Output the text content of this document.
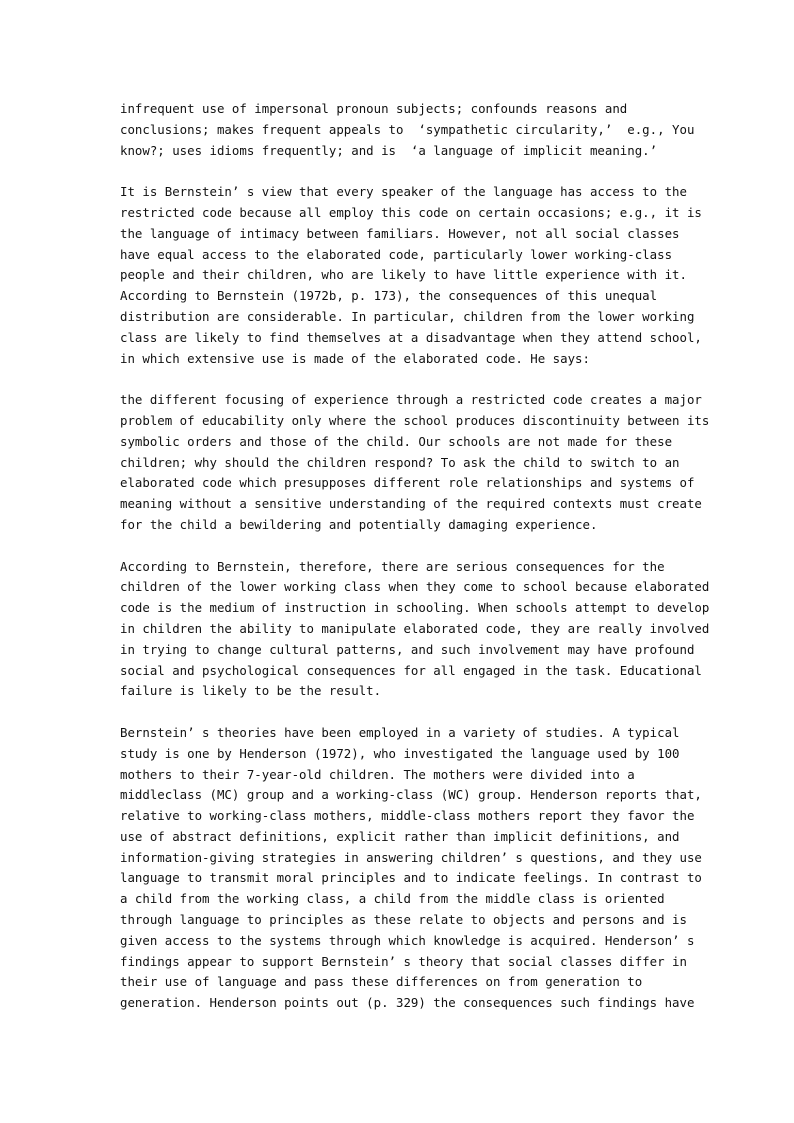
infrequent use of impersonal pronoun subjects; confounds reasons and
conclusions; makes frequent appeals to  ‘sympathetic circularity,’  e.g., You
know?; uses idioms frequently; and is  ‘a language of implicit meaning.’
It is Bernstein’ s view that every speaker of the language has access to the
restricted code because all employ this code on certain occasions; e.g., it is
the language of intimacy between familiars. However, not all social classes
have equal access to the elaborated code, particularly lower working-class
people and their children, who are likely to have little experience with it.
According to Bernstein (1972b, p. 173), the consequences of this unequal
distribution are considerable. In particular, children from the lower working
class are likely to find themselves at a disadvantage when they attend school,
in which extensive use is made of the elaborated code. He says:
the different focusing of experience through a restricted code creates a major
problem of educability only where the school produces discontinuity between its
symbolic orders and those of the child. Our schools are not made for these
children; why should the children respond? To ask the child to switch to an
elaborated code which presupposes different role relationships and systems of
meaning without a sensitive understanding of the required contexts must create
for the child a bewildering and potentially damaging experience.
According to Bernstein, therefore, there are serious consequences for the
children of the lower working class when they come to school because elaborated
code is the medium of instruction in schooling. When schools attempt to develop
in children the ability to manipulate elaborated code, they are really involved
in trying to change cultural patterns, and such involvement may have profound
social and psychological consequences for all engaged in the task. Educational
failure is likely to be the result.
Bernstein’ s theories have been employed in a variety of studies. A typical
study is one by Henderson (1972), who investigated the language used by 100
mothers to their 7-year-old children. The mothers were divided into a
middleclass (MC) group and a working-class (WC) group. Henderson reports that,
relative to working-class mothers, middle-class mothers report they favor the
use of abstract definitions, explicit rather than implicit definitions, and
information-giving strategies in answering children’ s questions, and they use
language to transmit moral principles and to indicate feelings. In contrast to
a child from the working class, a child from the middle class is oriented
through language to principles as these relate to objects and persons and is
given access to the systems through which knowledge is acquired. Henderson’ s
findings appear to support Bernstein’ s theory that social classes differ in
their use of language and pass these differences on from generation to
generation. Henderson points out (p. 329) the consequences such findings have
